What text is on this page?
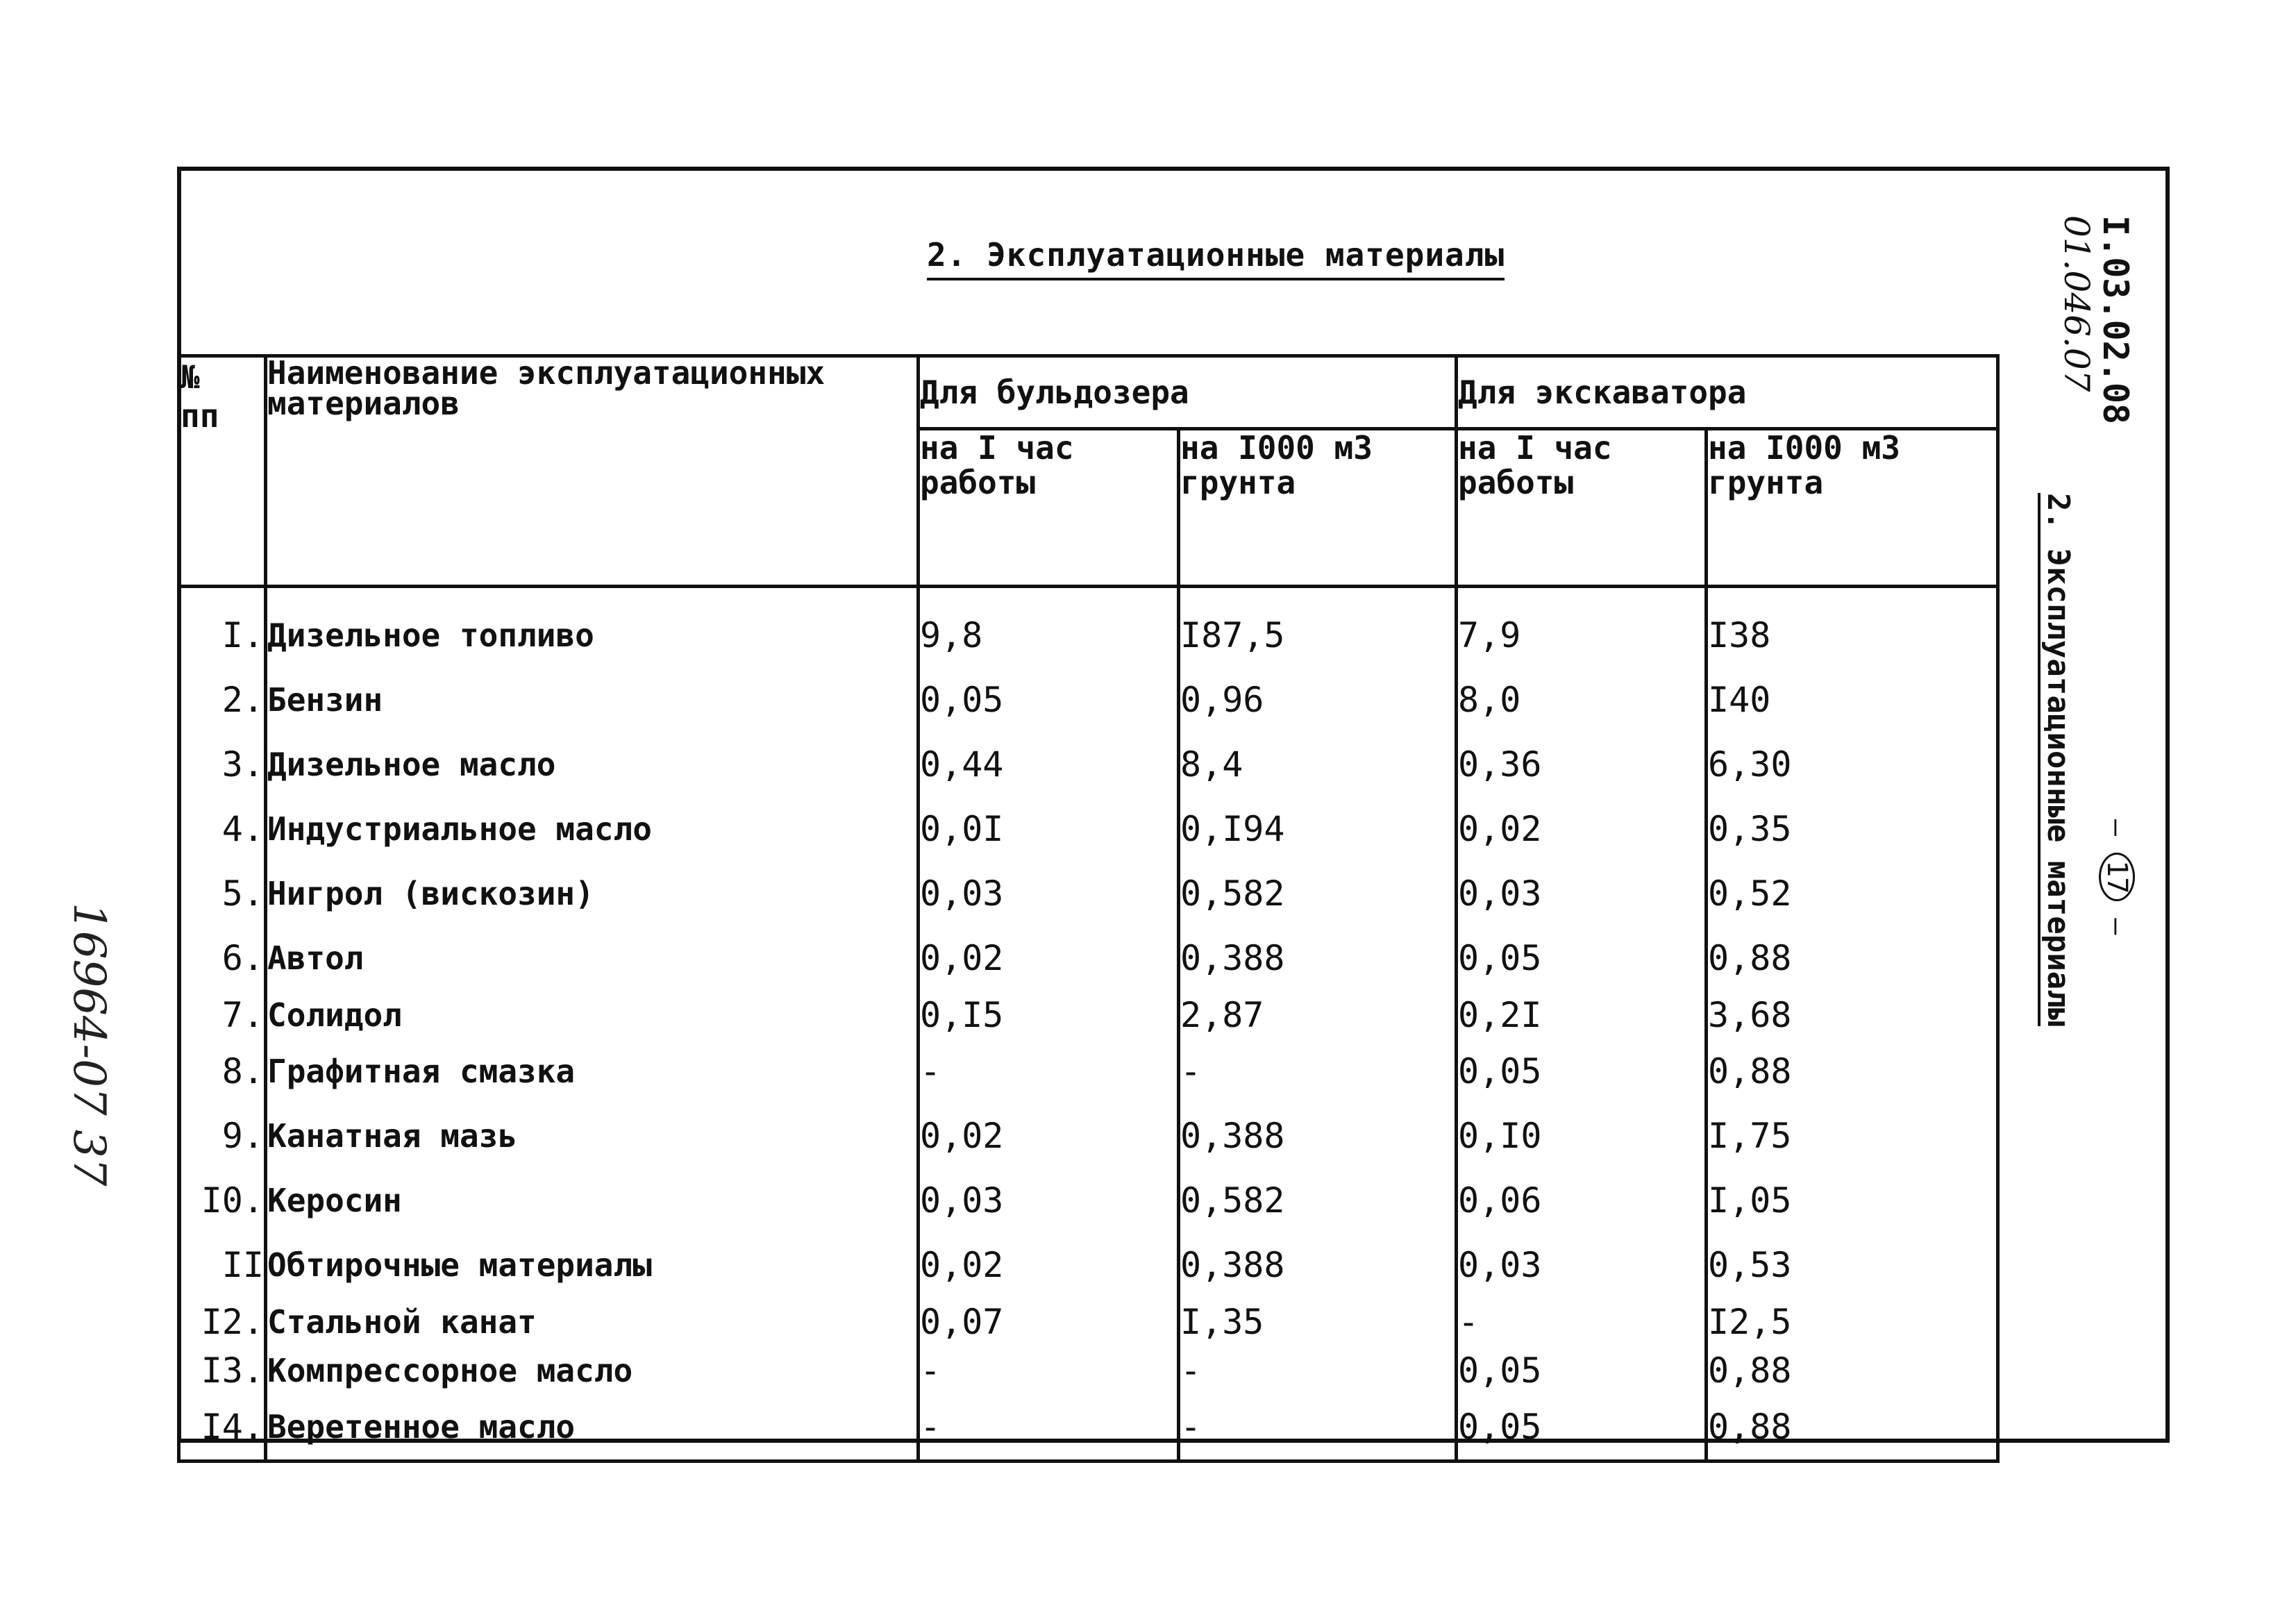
2. Эксплуатационные материалы
№
пп	Наименование эксплуатационных материалов	Для бульдозера		Для экскаватора	
		на I час работы	на I000 м3 грунта	на I час работы	на I000 м3 грунта

I.	Дизельное топливо	9,8	I87,5	7,9	I38
2.	Бензин	0,05	0,96	8,0	I40
3.	Дизельное масло	0,44	8,4	0,36	6,30
4.	Индустриальное масло	0,0I	0,I94	0,02	0,35
5.	Нигрол (вискозин)	0,03	0,582	0,03	0,52
6.	Автол	0,02	0,388	0,05	0,88
7.	Солидол	0,I5	2,87	0,2I	3,68
8.	Графитная смазка	-	-	0,05	0,88
9.	Канатная мазь	0,02	0,388	0,I0	I,75
I0.	Керосин	0,03	0,582	0,06	I,05
II	Обтирочные материалы	0,02	0,388	0,03	0,53
I2.	Стальной канат	0,07	I,35	-	I2,5
I3.	Компрессорное масло	-	-	0,05	0,88
I4.	Веретенное масло	-	-	0,05	0,88
I.03.02.08
01.046.07
2. Эксплуатационные материалы – 17 –
16964-07 37
